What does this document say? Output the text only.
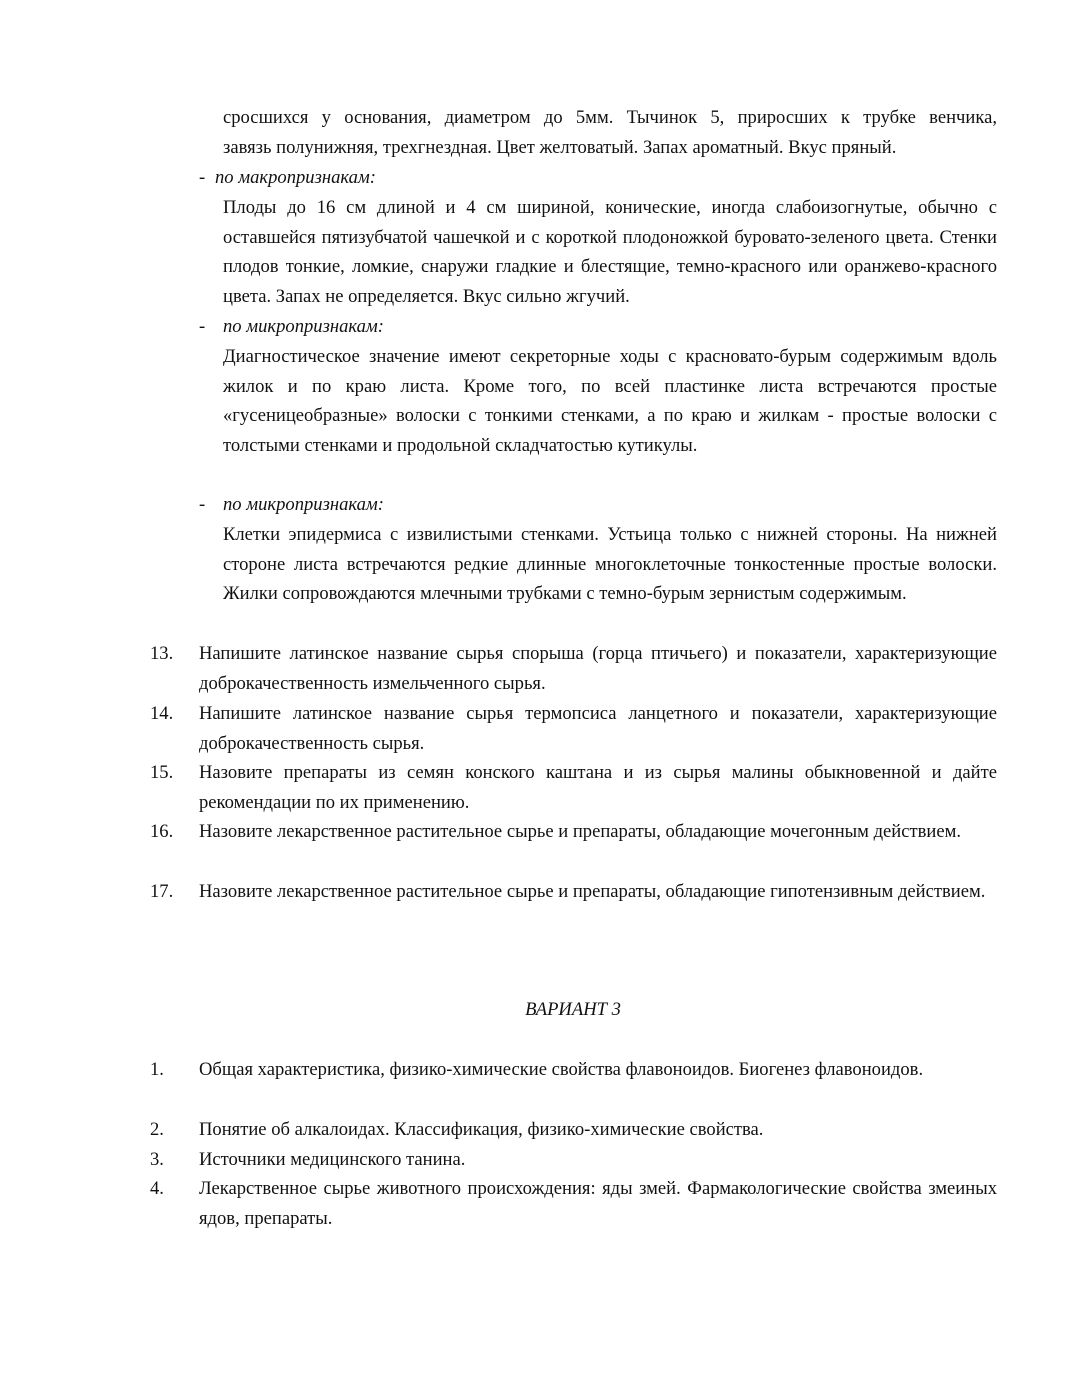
сросшихся у основания, диаметром до 5мм. Тычинок 5, приросших к трубке венчика,
завязь полунижняя, трехгнездная. Цвет желтоватый. Запах ароматный. Вкус пряный.
- по макропризнакам:

Плоды до 16 см длиной и 4 см шириной, конические, иногда слабоизогнутые, обычно с оставшейся пятизубчатой чашечкой и с короткой плодоножкой буровато-зеленого цвета. Стенки плодов тонкие, ломкие, снаружи гладкие и блестящие, темно-красного или оранжево-красного цвета. Запах не определяется. Вкус сильно жгучий.

- по микропризнакам:

Диагностическое значение имеют секреторные ходы с красновато-бурым содержимым вдоль жилок и по краю листа. Кроме того, по всей пластинке листа встречаются простые «гусеницеобразные» волоски с тонкими стенками, а по краю и жилкам - простые волоски с толстыми стенками и продольной складчатостью кутикулы.

- по микропризнакам:

Клетки эпидермиса с извилистыми стенками. Устьица только с нижней стороны. На нижней стороне листа встречаются редкие длинные многоклеточные тонкостенные простые волоски. Жилки сопровождаются млечными трубками с темно-бурым зернистым содержимым.

13.	Напишите латинское название сырья спорыша (горца птичьего) и показатели, характеризующие доброкачественность измельченного сырья.
14.	Напишите латинское название сырья термопсиса ланцетного и показатели, характеризующие доброкачественность сырья.
15.	Назовите препараты из семян конского каштана и из сырья малины обыкновенной и дайте рекомендации по их применению.
16.	Назовите лекарственное растительное сырье и препараты, обладающие мочегонным действием.
17.	Назовите лекарственное растительное сырье и препараты, обладающие гипотензивным действием.
ВАРИАНТ 3
1.	Общая характеристика, физико-химические свойства флавоноидов. Биогенез флавоноидов.
2.	Понятие об алкалоидах. Классификация, физико-химические свойства.
3.	Источники медицинского танина.
4.	Лекарственное сырье животного происхождения: яды змей. Фармакологические свойства змеиных ядов, препараты.
